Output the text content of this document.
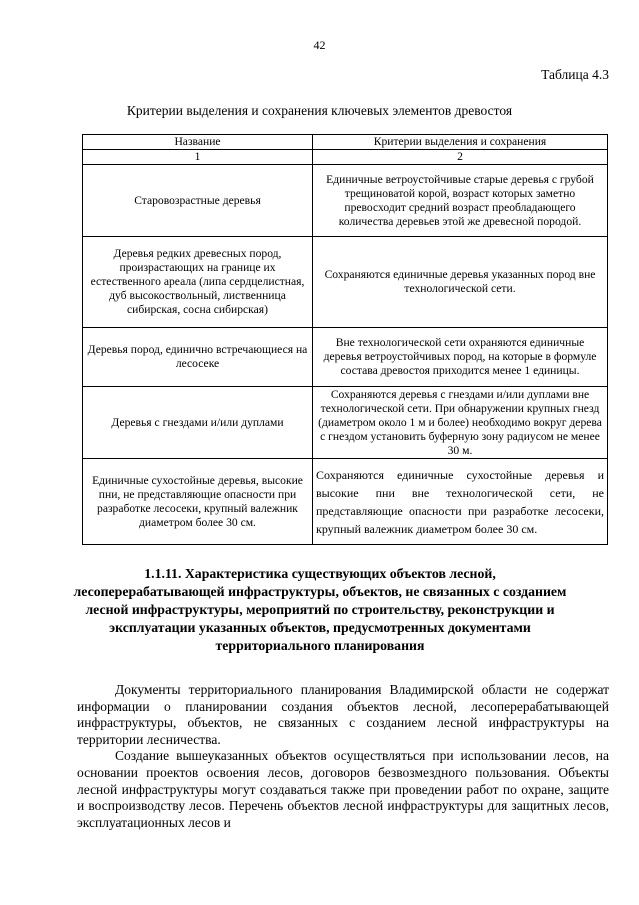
42
Таблица 4.3
Критерии выделения и сохранения ключевых элементов древостоя
Название	Критерии выделения и сохранения
1	2
Старовозрастные деревья	Единичные ветроустойчивые старые деревья с грубой трещиноватой корой, возраст которых заметно превосходит средний возраст преобладающего количества деревьев этой же древесной породой.
Деревья редких древесных пород, произрастающих на границе их естественного ареала (липа сердцелистная, дуб высокоствольный, лиственница сибирская, сосна сибирская)	Сохраняются единичные деревья указанных пород вне технологической сети.
Деревья пород, единично встречающиеся на лесосеке	Вне технологической сети охраняются единичные деревья ветроустойчивых пород, на которые в формуле состава древостоя приходится менее 1 единицы.
Деревья с гнездами и/или дуплами	Сохраняются деревья с гнездами и/или дуплами вне технологической сети. При обнаружении крупных гнезд (диаметром около 1 м и более) необходимо вокруг дерева с гнездом установить буферную зону радиусом не менее 30 м.
Единичные сухостойные деревья, высокие пни, не представляющие опасности при разработке лесосеки, крупный валежник диаметром более 30 см.	Сохраняются единичные сухостойные деревья и высокие пни вне технологической сети, не представляющие опасности при разработке лесосеки, крупный валежник диаметром более 30 см.
1.1.11. Характеристика существующих объектов лесной, лесоперерабатывающей инфраструктуры, объектов, не связанных с созданием лесной инфраструктуры, мероприятий по строительству, реконструкции и эксплуатации указанных объектов, предусмотренных документами территориального планирования

Документы территориального планирования Владимирской области не содержат информации о планировании создания объектов лесной, лесоперерабатывающей инфраструктуры, объектов, не связанных с созданием лесной инфраструктуры на территории лесничества.

Создание вышеуказанных объектов осуществляться при использовании лесов, на основании проектов освоения лесов, договоров безвозмездного пользования. Объекты лесной инфраструктуры могут создаваться также при проведении работ по охране, защите и воспроизводству лесов. Перечень объектов лесной инфраструктуры для защитных лесов, эксплуатационных лесов и
